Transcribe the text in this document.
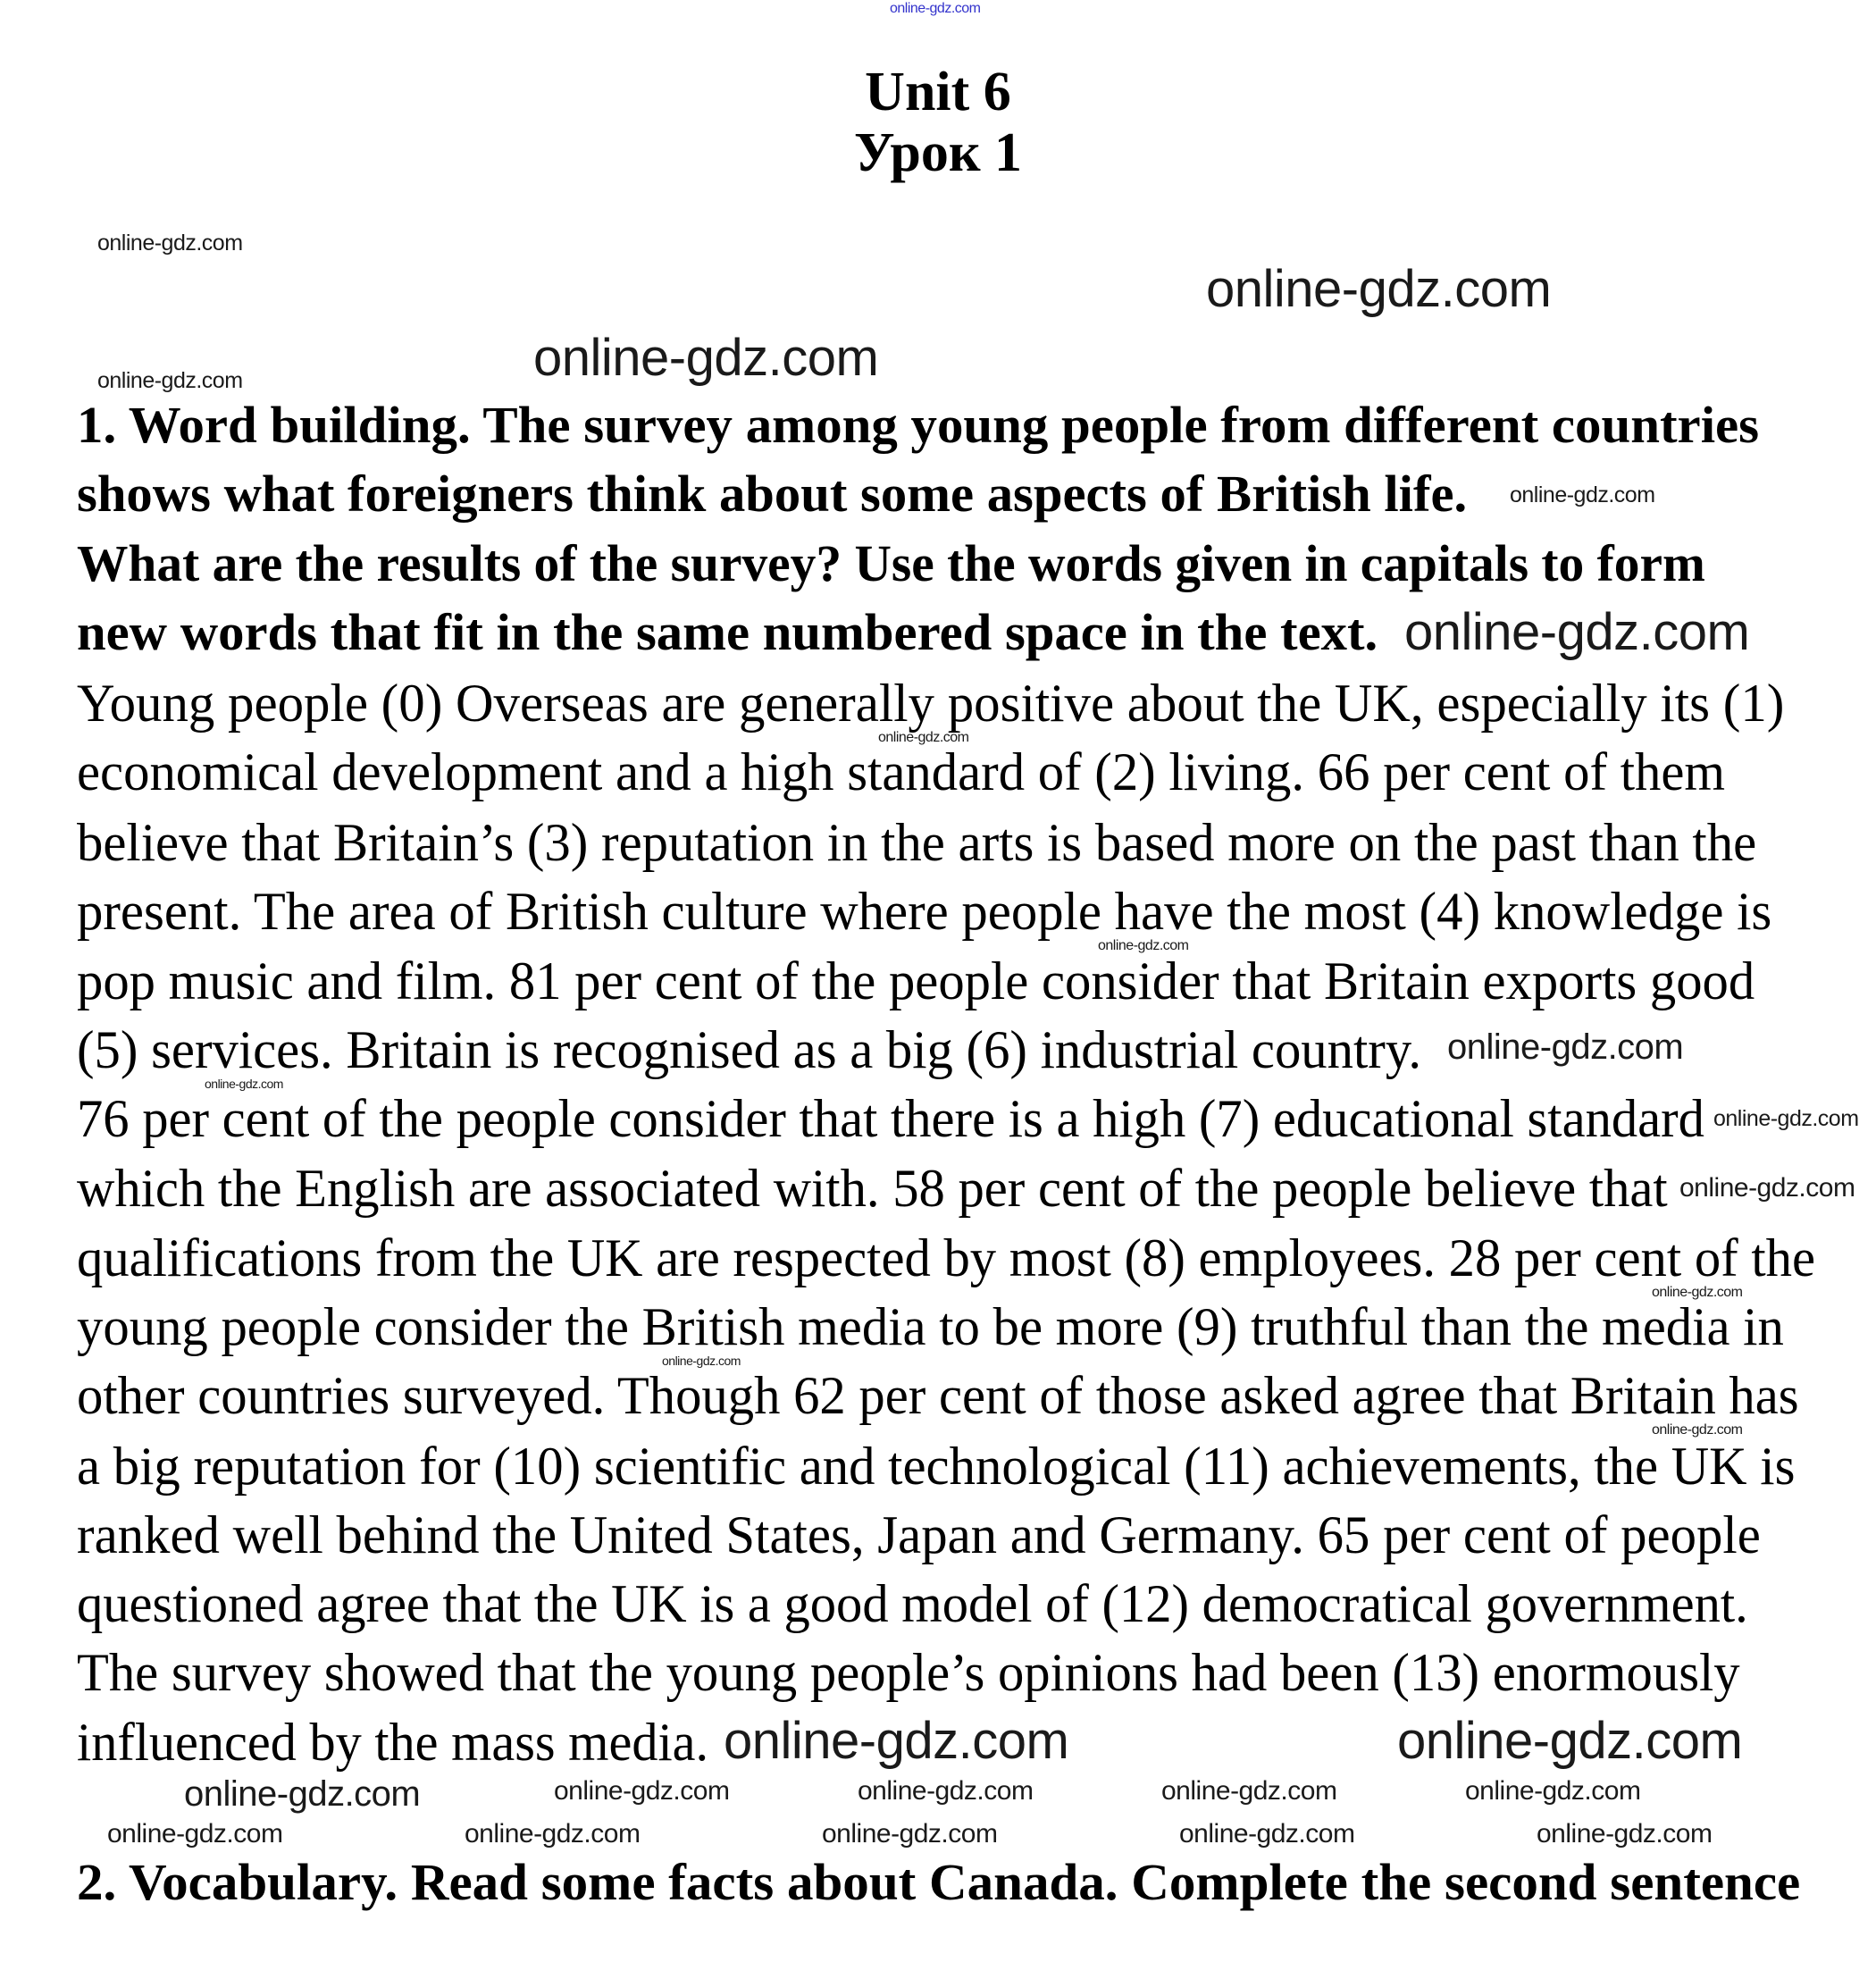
Unit 6
Урок 1
1. Word building. The survey among young people from different countries
shows what foreigners think about some aspects of British life.
What are the results of the survey? Use the words given in capitals to form
new words that fit in the same numbered space in the text.
Young people (0) Overseas are generally positive about the UK, especially its (1)
economical development and a high standard of (2) living. 66 per cent of them
believe that Britain’s (3) reputation in the arts is based more on the past than the
present. The area of British culture where people have the most (4) knowledge is
pop music and film. 81 per cent of the people consider that Britain exports good
(5) services. Britain is recognised as a big (6) industrial country.
76 per cent of the people consider that there is a high (7) educational standard
which the English are associated with. 58 per cent of the people believe that
qualifications from the UK are respected by most (8) employees. 28 per cent of the
young people consider the British media to be more (9) truthful than the media in
other countries surveyed. Though 62 per cent of those asked agree that Britain has
a big reputation for (10) scientific and technological (11) achievements, the UK is
ranked well behind the United States, Japan and Germany. 65 per cent of people
questioned agree that the UK is a good model of (12) democratical government.
The survey showed that the young people’s opinions had been (13) enormously
influenced by the mass media.
2. Vocabulary. Read some facts about Canada. Complete the second sentence
online-gdz.com
online-gdz.com
online-gdz.com
online-gdz.com	online-gdz.com
online-gdz.com
online-gdz.com
online-gdz.com
online-gdz.com
online-gdz.com
online-gdz.com	online-gdz.com	online-gdz.com
online-gdz.com
online-gdz.com
online-gdz.com
online-gdz.com
online-gdz.com	online-gdz.com
online-gdz.com
online-gdz.com	online-gdz.com
online-gdz.com
online-gdz.com
online-gdz.com
online-gdz.com	online-gdz.com
online-gdz.com
